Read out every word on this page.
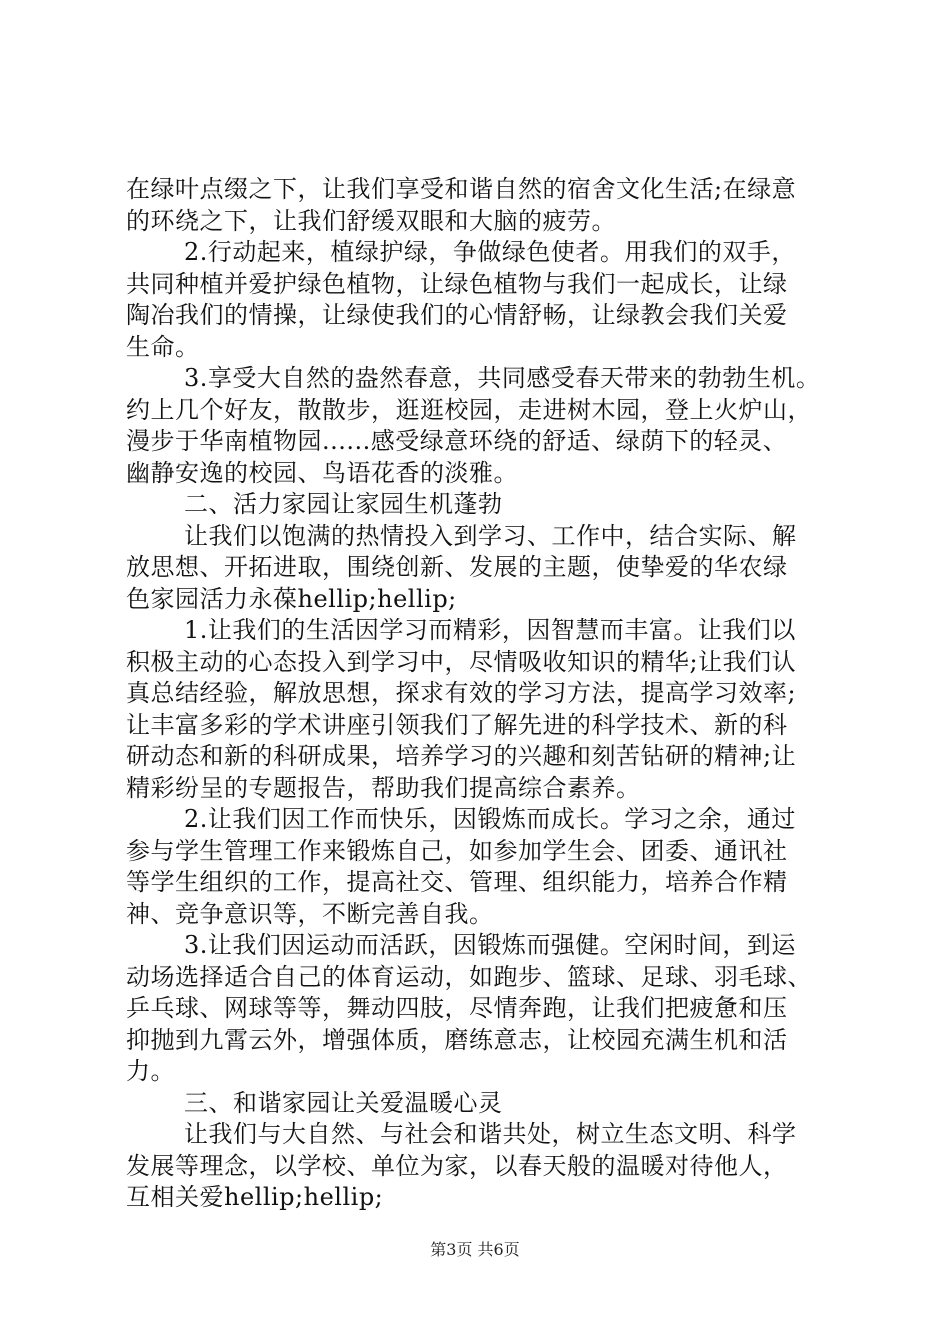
在绿叶点缀之下，让我们享受和谐自然的宿舍文化生活;在绿意
的环绕之下，让我们舒缓双眼和大脑的疲劳。
2.行动起来，植绿护绿，争做绿色使者。用我们的双手，
共同种植并爱护绿色植物，让绿色植物与我们一起成长，让绿
陶冶我们的情操，让绿使我们的心情舒畅，让绿教会我们关爱
生命。
3.享受大自然的盎然春意，共同感受春天带来的勃勃生机。
约上几个好友，散散步，逛逛校园，走进树木园，登上火炉山，
漫步于华南植物园......感受绿意环绕的舒适、绿荫下的轻灵、
幽静安逸的校园、鸟语花香的淡雅。
二、活力家园让家园生机蓬勃
让我们以饱满的热情投入到学习、工作中，结合实际、解
放思想、开拓进取，围绕创新、发展的主题，使挚爱的华农绿
色家园活力永葆hellip;hellip;
1.让我们的生活因学习而精彩，因智慧而丰富。让我们以
积极主动的心态投入到学习中，尽情吸收知识的精华;让我们认
真总结经验，解放思想，探求有效的学习方法，提高学习效率;
让丰富多彩的学术讲座引领我们了解先进的科学技术、新的科
研动态和新的科研成果，培养学习的兴趣和刻苦钻研的精神;让
精彩纷呈的专题报告，帮助我们提高综合素养。
2.让我们因工作而快乐，因锻炼而成长。学习之余，通过
参与学生管理工作来锻炼自己，如参加学生会、团委、通讯社
等学生组织的工作，提高社交、管理、组织能力，培养合作精
神、竞争意识等，不断完善自我。
3.让我们因运动而活跃，因锻炼而强健。空闲时间，到运
动场选择适合自己的体育运动，如跑步、篮球、足球、羽毛球、
乒乓球、网球等等，舞动四肢，尽情奔跑，让我们把疲惫和压
抑抛到九霄云外，增强体质，磨练意志，让校园充满生机和活
力。
三、和谐家园让关爱温暖心灵
让我们与大自然、与社会和谐共处，树立生态文明、科学
发展等理念，以学校、单位为家，以春天般的温暖对待他人，
互相关爱hellip;hellip;
第3页 共6页
